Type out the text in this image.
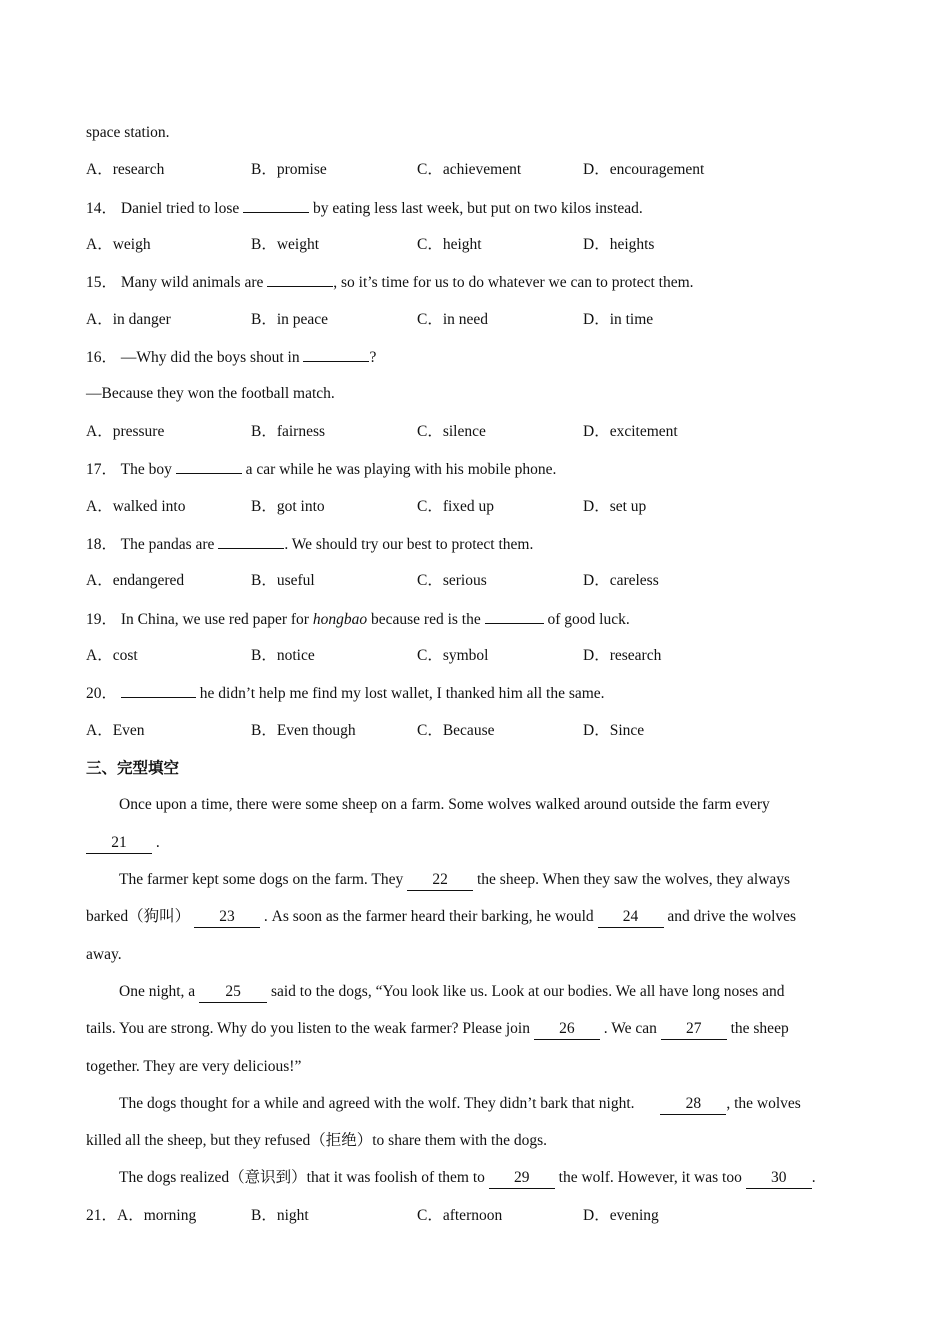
space station.
A．research	B．promise	C．achievement	D．encouragement
14． Daniel tried to lose	by eating less last week, but put on two kilos instead.
A．weigh	B．weight	C．height	D．heights
15． Many wild animals are	, so it’s time for us to do whatever we can to protect them.
A．in danger	B．in peace	C．in need	D．in time
16． —Why did the boys shout in	?
—Because they won the football match.
A．pressure	B．fairness	C．silence	D．excitement
17． The boy	a car while he was playing with his mobile phone.
A．walked into	B．got into	C．fixed up	D．set up
18． The pandas are	. We should try our best to protect them.
A．endangered	B．useful	C．serious	D．careless
19． In China, we use red paper for hongbao because red is the	of good luck.
A．cost	B．notice	C．symbol	D．research
20．	he didn’t help me find my lost wallet, I thanked him all the same.
A．Even	B．Even though	C．Because	D．Since
三、完型填空
Once upon a time, there were some sheep on a farm. Some wolves walked around outside the farm every
21 .
The farmer kept some dogs on the farm. They 22 the sheep. When they saw the wolves, they always
barked（狗叫） 23 . As soon as the farmer heard their barking, he would 24 and drive the wolves
away.
One night, a 25 said to the dogs, “You look like us. Look at our bodies. We all have long noses and
tails. You are strong. Why do you listen to the weak farmer? Please join 26 . We can 27 the sheep
together. They are very delicious!”
The dogs thought for a while and agreed with the wolf. They didn’t bark that night.	28 , the wolves
killed all the sheep, but they refused（拒绝）to share them with the dogs.
The dogs realized（意识到）that it was foolish of them to 29 the wolf. However, it was too 30 .
21．A．morning	B．night	C．afternoon	D．evening
